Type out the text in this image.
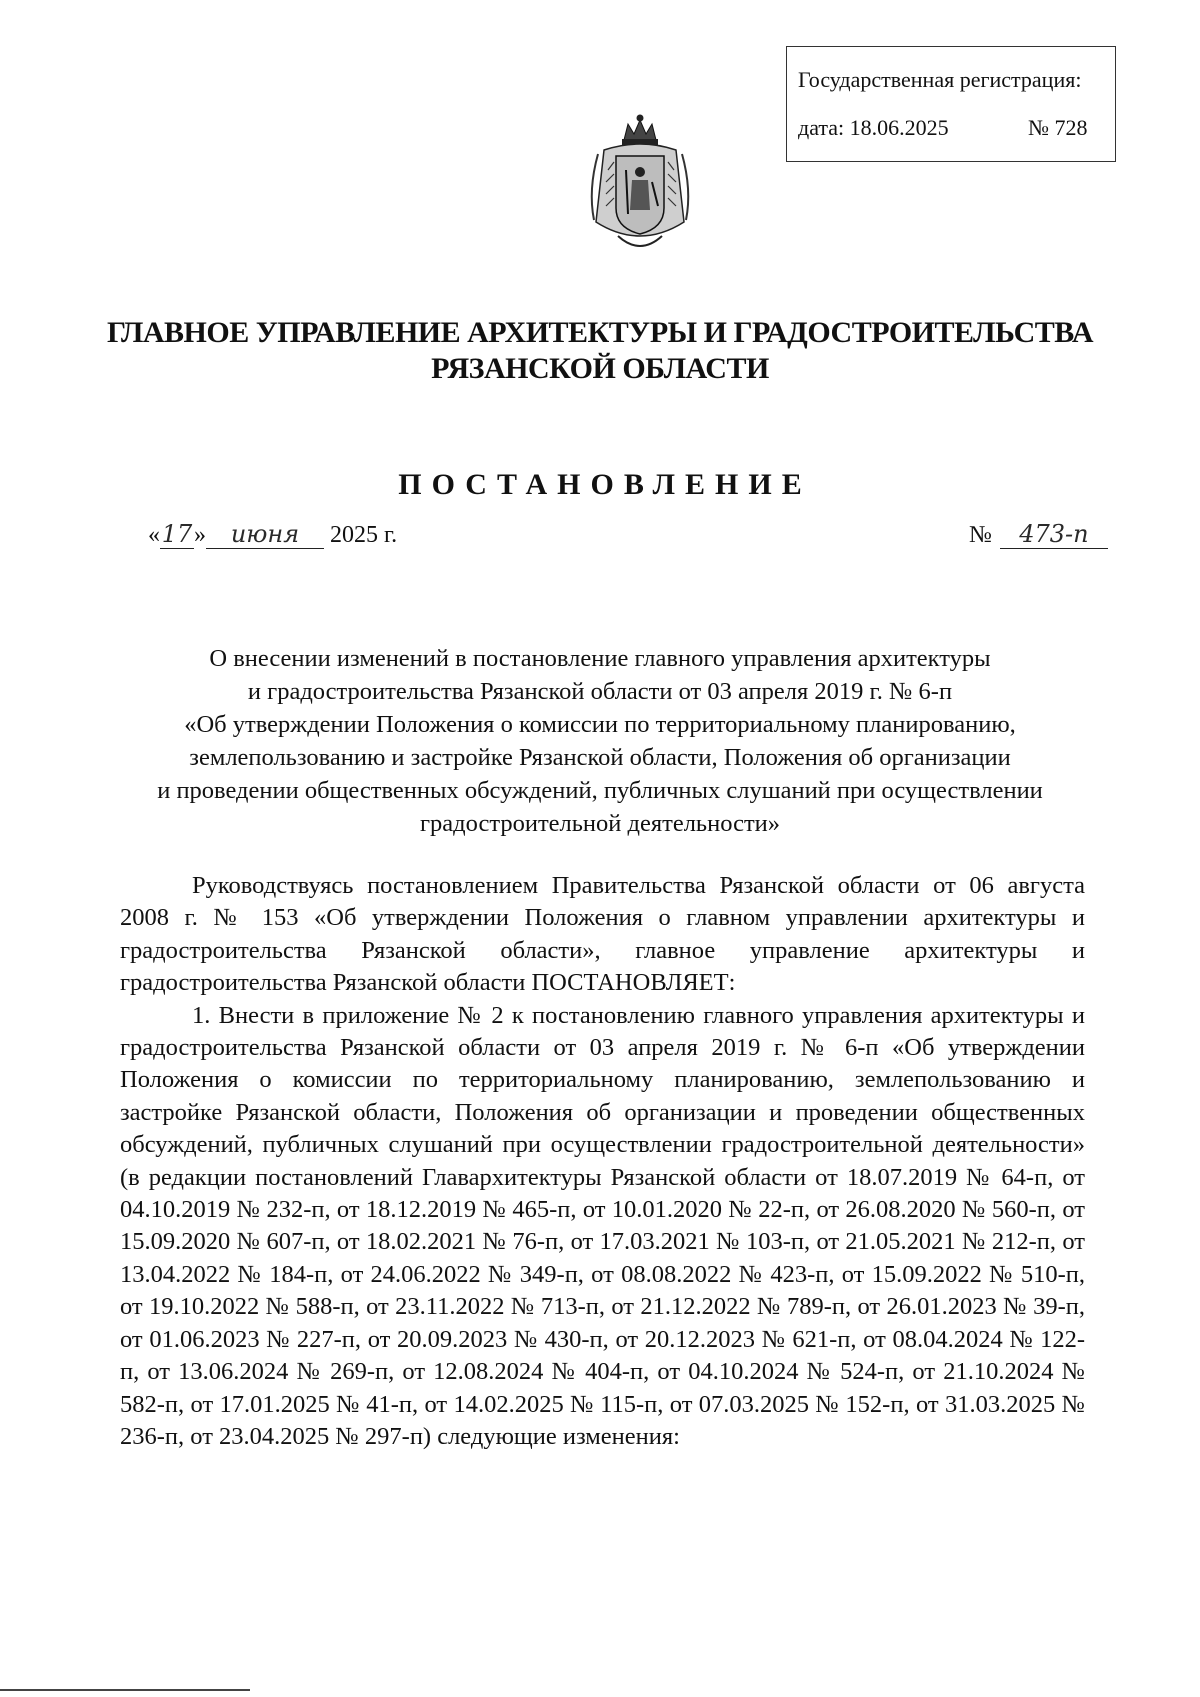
Государственная регистрация:
дата: 18.06.2025	№ 728
ГЛАВНОЕ УПРАВЛЕНИЕ АРХИТЕКТУРЫ И ГРАДОСТРОИТЕЛЬСТВА
РЯЗАНСКОЙ ОБЛАСТИ
ПОСТАНОВЛЕНИЕ
«17» июня 2025 г.	№ 473-п
О внесении изменений в постановление главного управления архитектуры
и градостроительства Рязанской области от 03 апреля 2019 г. № 6-п
«Об утверждении Положения о комиссии по территориальному планированию,
землепользованию и застройке Рязанской области, Положения об организации
и проведении общественных обсуждений, публичных слушаний при осуществлении
градостроительной деятельности»
Руководствуясь постановлением Правительства Рязанской области от 06 августа 2008 г. № 153 «Об утверждении Положения о главном управлении архитектуры и градостроительства Рязанской области», главное управление архитектуры и градостроительства Рязанской области ПОСТАНОВЛЯЕТ:
1. Внести в приложение № 2 к постановлению главного управления архитектуры и градостроительства Рязанской области от 03 апреля 2019 г. № 6-п «Об утверждении Положения о комиссии по территориальному планированию, землепользованию и застройке Рязанской области, Положения об организации и проведении общественных обсуждений, публичных слушаний при осуществлении градостроительной деятельности» (в редакции постановлений Главархитектуры Рязанской области от 18.07.2019 № 64-п, от 04.10.2019 № 232-п, от 18.12.2019 № 465-п, от 10.01.2020 № 22-п, от 26.08.2020 № 560-п, от 15.09.2020 № 607-п, от 18.02.2021 № 76-п, от 17.03.2021 № 103-п, от 21.05.2021 № 212-п, от 13.04.2022 № 184-п, от 24.06.2022 № 349-п, от 08.08.2022 № 423-п, от 15.09.2022 № 510-п, от 19.10.2022 № 588-п, от 23.11.2022 № 713-п, от 21.12.2022 № 789-п, от 26.01.2023 № 39-п, от 01.06.2023 № 227-п, от 20.09.2023 № 430-п, от 20.12.2023 № 621-п, от 08.04.2024 № 122-п, от 13.06.2024 № 269-п, от 12.08.2024 № 404-п, от 04.10.2024 № 524-п, от 21.10.2024 № 582-п, от 17.01.2025 № 41-п, от 14.02.2025 № 115-п, от 07.03.2025 № 152-п, от 31.03.2025 № 236-п, от 23.04.2025 № 297-п) следующие изменения:
